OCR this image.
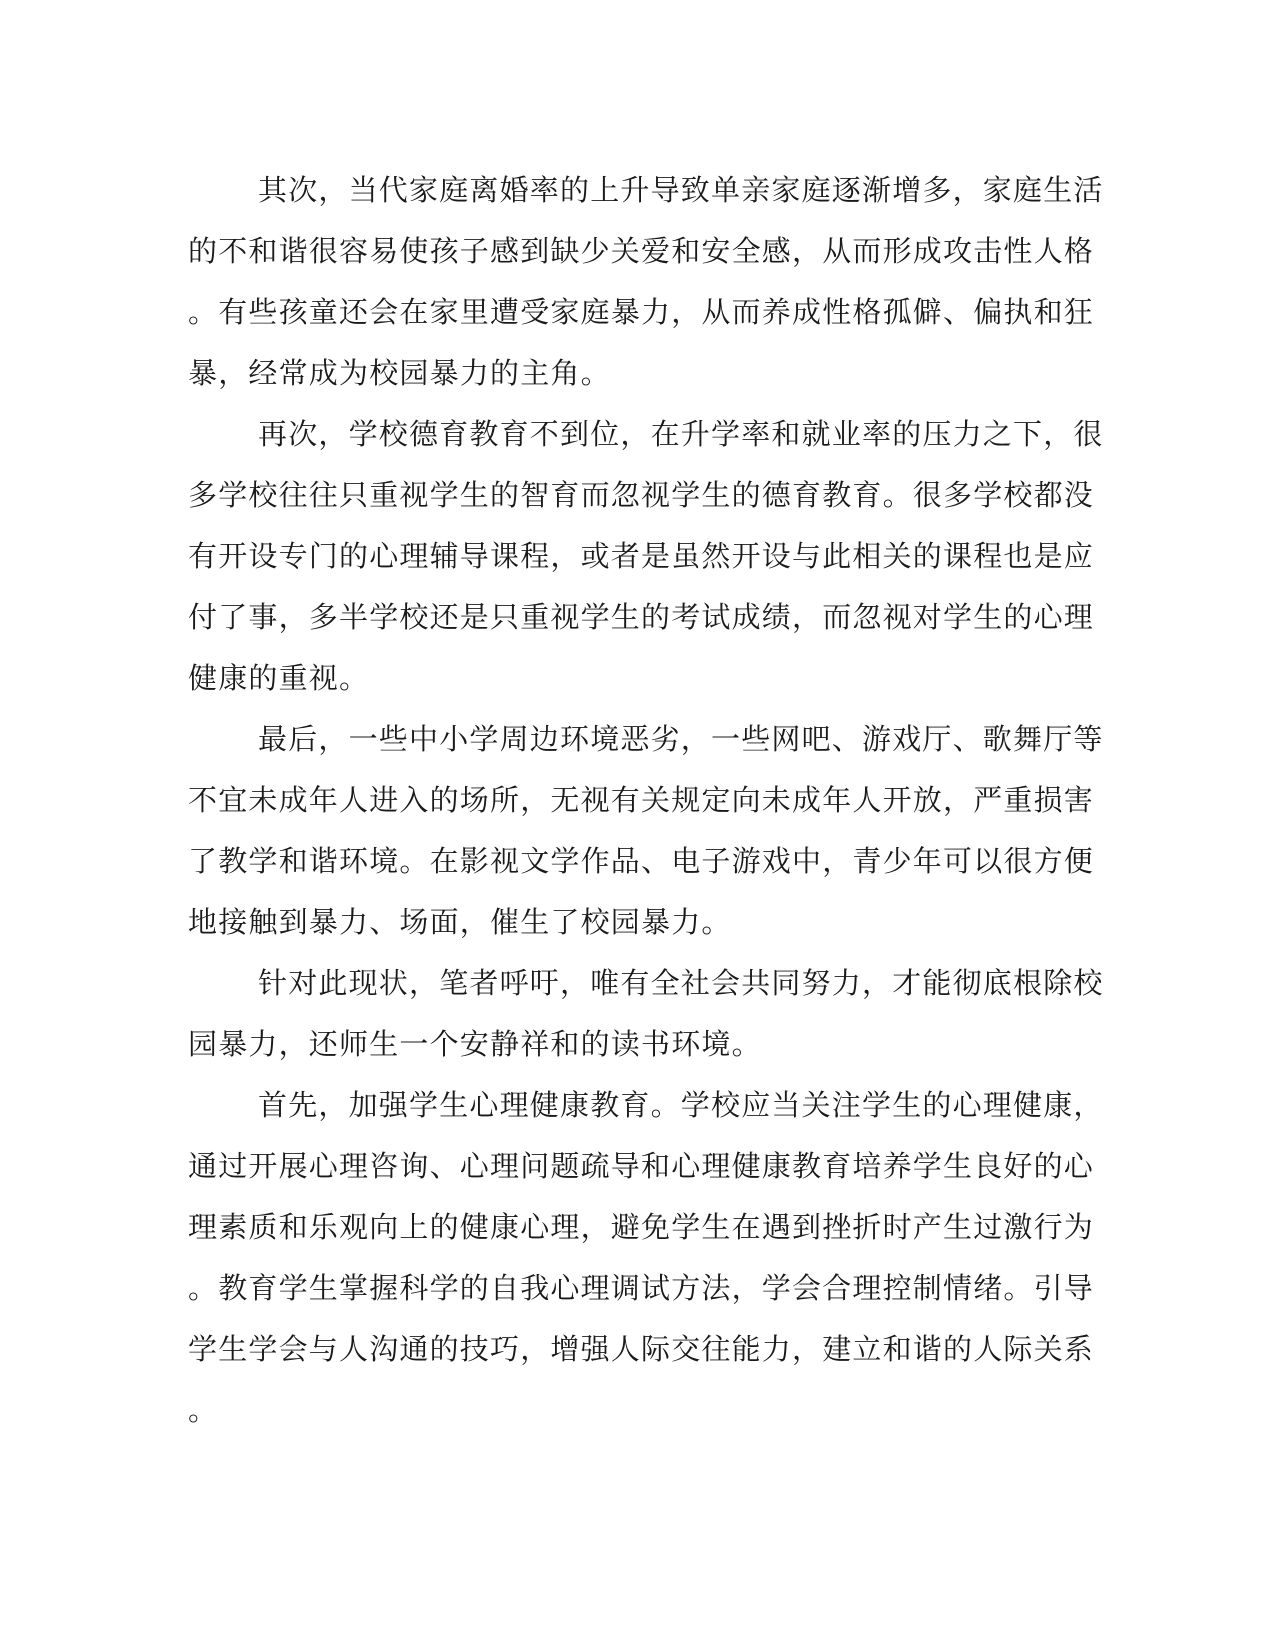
其次，当代家庭离婚率的上升导致单亲家庭逐渐增多，家庭生活
的不和谐很容易使孩子感到缺少关爱和安全感，从而形成攻击性人格
。有些孩童还会在家里遭受家庭暴力，从而养成性格孤僻、偏执和狂
暴，经常成为校园暴力的主角。
再次，学校德育教育不到位，在升学率和就业率的压力之下，很
多学校往往只重视学生的智育而忽视学生的德育教育。很多学校都没
有开设专门的心理辅导课程，或者是虽然开设与此相关的课程也是应
付了事，多半学校还是只重视学生的考试成绩，而忽视对学生的心理
健康的重视。
最后，一些中小学周边环境恶劣，一些网吧、游戏厅、歌舞厅等
不宜未成年人进入的场所，无视有关规定向未成年人开放，严重损害
了教学和谐环境。在影视文学作品、电子游戏中，青少年可以很方便
地接触到暴力、场面，催生了校园暴力。
针对此现状，笔者呼吁，唯有全社会共同努力，才能彻底根除校
园暴力，还师生一个安静祥和的读书环境。
首先，加强学生心理健康教育。学校应当关注学生的心理健康，
通过开展心理咨询、心理问题疏导和心理健康教育培养学生良好的心
理素质和乐观向上的健康心理，避免学生在遇到挫折时产生过激行为
。教育学生掌握科学的自我心理调试方法，学会合理控制情绪。引导
学生学会与人沟通的技巧，增强人际交往能力，建立和谐的人际关系
。
